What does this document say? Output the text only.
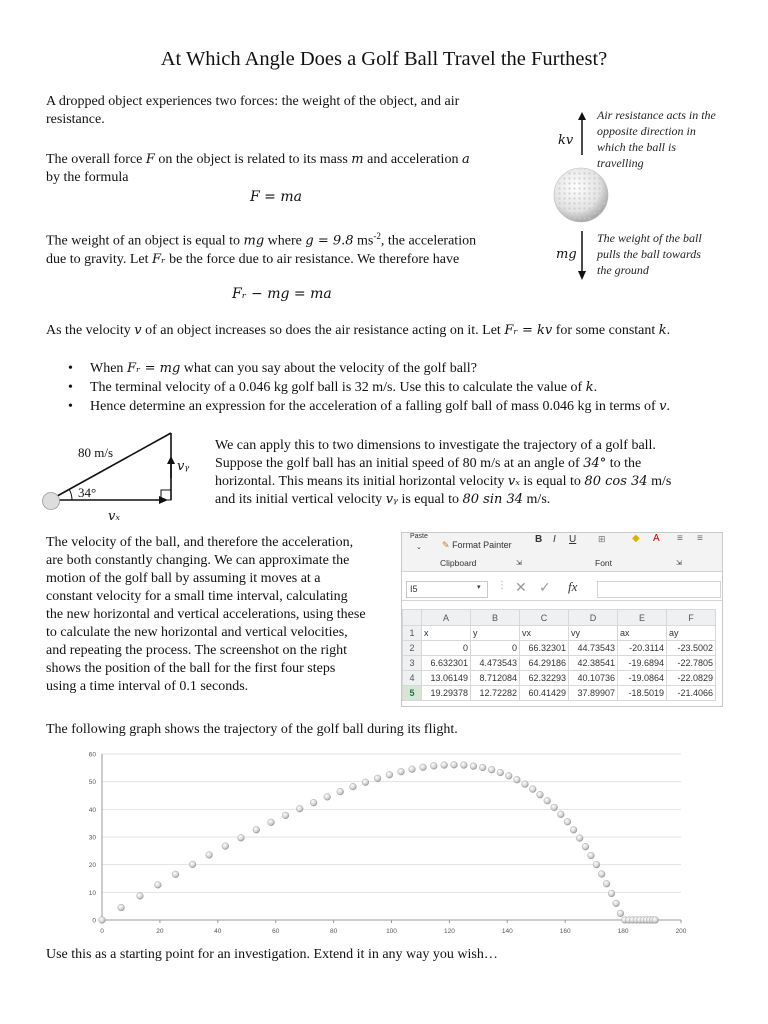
At Which Angle Does a Golf Ball Travel the Furthest?
A dropped object experiences two forces: the weight of the object, and air resistance.
The overall force F on the object is related to its mass m and acceleration a
by the formula
F = ma
The weight of an object is equal to mg where g = 9.8 $ms^{-2}$, the acceleration
due to gravity. Let Fᵣ be the force due to air resistance. We therefore have
Fᵣ − mg = ma
As the velocity v of an object increases so does the air resistance acting on it. Let Fᵣ = kv for some constant k.
kv
Air resistance acts in the opposite direction in which the ball is travelling
mg
The weight of the ball pulls the ball towards the ground
• When Fᵣ = mg what can you say about the velocity of the golf ball?
• The terminal velocity of a 0.046 kg golf ball is 32 m/s. Use this to calculate the value of k.
• Hence determine an expression for the acceleration of a falling golf ball of mass 0.046 kg in terms of v.
80 m/s
34°
vᵧ
vₓ
We can apply this to two dimensions to investigate the trajectory of a golf ball.
Suppose the golf ball has an initial speed of 80 m/s at an angle of 34° to the
horizontal. This means its initial horizontal velocity vₓ is equal to 80 cos 34 m/s
and its initial vertical velocity vᵧ is equal to 80 sin 34 m/s.
The velocity of the ball, and therefore the acceleration,
are both constantly changing. We can approximate the
motion of the golf ball by assuming it moves at a
constant velocity for a small time interval, calculating
the new horizontal and vertical accelerations, using these
to calculate the new horizontal and vertical velocities,
and repeating the process. The screenshot on the right
shows the position of the ball for the first four steps
using a time interval of 0.1 seconds.
Paste
⌄ ✎ Format Painter
Clipboard	⇲
B I U ⊞	◆ A ≡ ≡
Font	⇲
I5	▾ ⋮ ✕ ✓ fx
	A	B	C	D	E	F
1	x	y	vx	vy	ax	ay
2	0	0	66.32301	44.73543	-20.3114	-23.5002
3	6.632301	4.473543	64.29186	42.38541	-19.6894	-22.7805
4	13.06149	8.712084	62.32293	40.10736	-19.0864	-22.0829
5	19.29378	12.72282	60.41429	37.89907	-18.5019	-21.4066
The following graph shows the trajectory of the golf ball during its flight.
0
10
20
30
40
50
60
0	20	40	60	80	100	120	140	160	180	200
Use this as a starting point for an investigation. Extend it in any way you wish…
